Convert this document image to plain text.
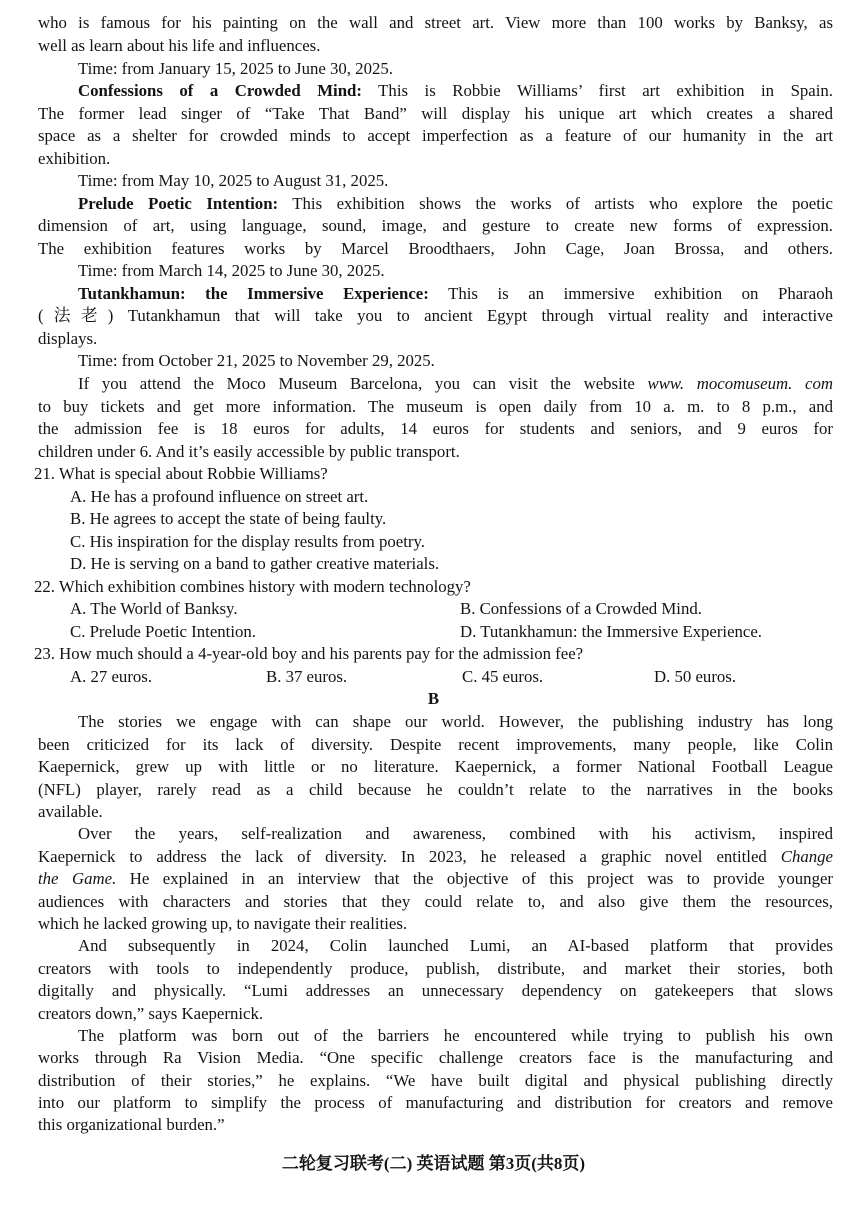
who is famous for his painting on the wall and street art. View more than 100 works by Banksy, as
well as learn about his life and influences.
Time: from January 15, 2025 to June 30, 2025.
Confessions of a Crowded Mind: This is Robbie Williams’ first art exhibition in Spain.
The former lead singer of “Take That Band” will display his unique art which creates a shared
space as a shelter for crowded minds to accept imperfection as a feature of our humanity in the art
exhibition.
Time: from May 10, 2025 to August 31, 2025.
Prelude Poetic Intention: This exhibition shows the works of artists who explore the poetic
dimension of art, using language, sound, image, and gesture to create new forms of expression.
The exhibition features works by Marcel Broodthaers, John Cage, Joan Brossa, and others.
Time: from March 14, 2025 to June 30, 2025.
Tutankhamun: the Immersive Experience: This is an immersive exhibition on Pharaoh
(法老) Tutankhamun that will take you to ancient Egypt through virtual reality and interactive
displays.
Time: from October 21, 2025 to November 29, 2025.
If you attend the Moco Museum Barcelona, you can visit the website www. mocomuseum. com
to buy tickets and get more information. The museum is open daily from 10 a. m. to 8 p.m., and
the admission fee is 18 euros for adults, 14 euros for students and seniors, and 9 euros for
children under 6. And it’s easily accessible by public transport.
21. What is special about Robbie Williams?
A. He has a profound influence on street art.
B. He agrees to accept the state of being faulty.
C. His inspiration for the display results from poetry.
D. He is serving on a band to gather creative materials.
22. Which exhibition combines history with modern technology?
A. The World of Banksy.	B. Confessions of a Crowded Mind.
C. Prelude Poetic Intention.	D. Tutankhamun: the Immersive Experience.
23. How much should a 4-year-old boy and his parents pay for the admission fee?
A. 27 euros.	B. 37 euros.	C. 45 euros.	D. 50 euros.
B
The stories we engage with can shape our world. However, the publishing industry has long
been criticized for its lack of diversity. Despite recent improvements, many people, like Colin
Kaepernick, grew up with little or no literature. Kaepernick, a former National Football League
(NFL) player, rarely read as a child because he couldn’t relate to the narratives in the books
available.
Over the years, self-realization and awareness, combined with his activism, inspired
Kaepernick to address the lack of diversity. In 2023, he released a graphic novel entitled Change
the Game. He explained in an interview that the objective of this project was to provide younger
audiences with characters and stories that they could relate to, and also give them the resources,
which he lacked growing up, to navigate their realities.
And subsequently in 2024, Colin launched Lumi, an AI-based platform that provides
creators with tools to independently produce, publish, distribute, and market their stories, both
digitally and physically. “Lumi addresses an unnecessary dependency on gatekeepers that slows
creators down,” says Kaepernick.
The platform was born out of the barriers he encountered while trying to publish his own
works through Ra Vision Media. “One specific challenge creators face is the manufacturing and
distribution of their stories,” he explains. “We have built digital and physical publishing directly
into our platform to simplify the process of manufacturing and distribution for creators and remove
this organizational burden.”
二轮复习联考(二) 英语试题 第3页(共8页)
